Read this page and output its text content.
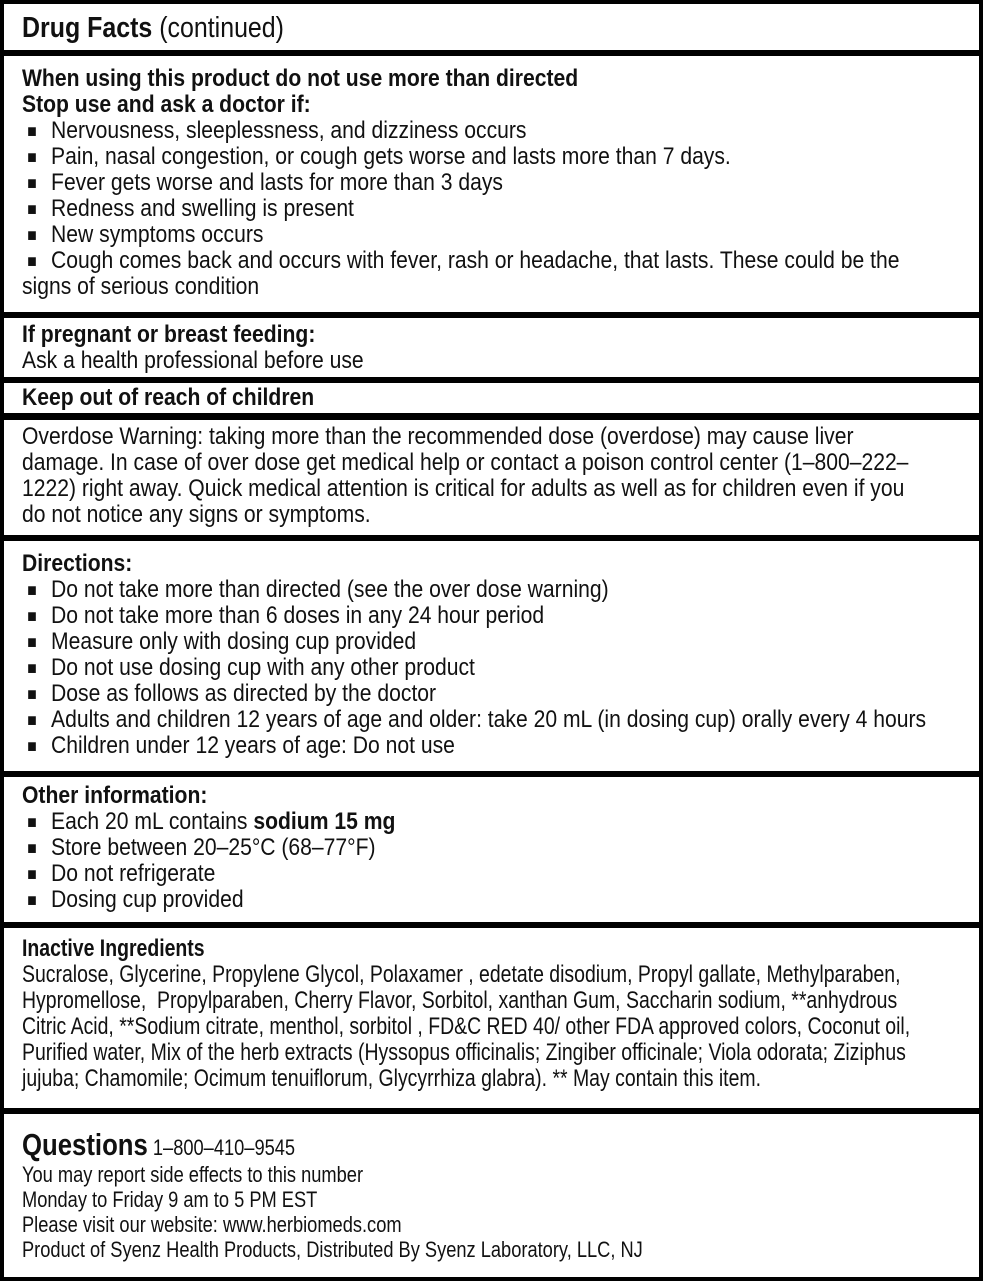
Drug Facts (continued)
When using this product do not use more than directed
Stop use and ask a doctor if:
■ Nervousness, sleeplessness, and dizziness occurs
■ Pain, nasal congestion, or cough gets worse and lasts more than 7 days.
■ Fever gets worse and lasts for more than 3 days
■ Redness and swelling is present
■ New symptoms occurs
■ Cough comes back and occurs with fever, rash or headache, that lasts. These could be the signs of serious condition
If pregnant or breast feeding:
Ask a health professional before use
Keep out of reach of children
Overdose Warning: taking more than the recommended dose (overdose) may cause liver damage. In case of over dose get medical help or contact a poison control center (1–800–222–1222) right away. Quick medical attention is critical for adults as well as for children even if you do not notice any signs or symptoms.
Directions:
■ Do not take more than directed (see the over dose warning)
■ Do not take more than 6 doses in any 24 hour period
■ Measure only with dosing cup provided
■ Do not use dosing cup with any other product
■ Dose as follows as directed by the doctor
■ Adults and children 12 years of age and older: take 20 mL (in dosing cup) orally every 4 hours
■ Children under 12 years of age: Do not use
Other information:
■ Each 20 mL contains sodium 15 mg
■ Store between 20–25°C (68–77°F)
■ Do not refrigerate
■ Dosing cup provided
Inactive Ingredients
Sucralose, Glycerine, Propylene Glycol, Polaxamer , edetate disodium, Propyl gallate, Methylparaben, Hypromellose,  Propylparaben, Cherry Flavor, Sorbitol, xanthan Gum, Saccharin sodium, **anhydrous Citric Acid, **Sodium citrate, menthol, sorbitol , FD&C RED 40/ other FDA approved colors, Coconut oil, Purified water, Mix of the herb extracts (Hyssopus officinalis; Zingiber officinale; Viola odorata; Ziziphus jujuba; Chamomile; Ocimum tenuiflorum, Glycyrrhiza glabra). ** May contain this item.
Questions 1–800–410–9545
You may report side effects to this number
Monday to Friday 9 am to 5 PM EST
Please visit our website: www.herbiomeds.com
Product of Syenz Health Products, Distributed By Syenz Laboratory, LLC, NJ
